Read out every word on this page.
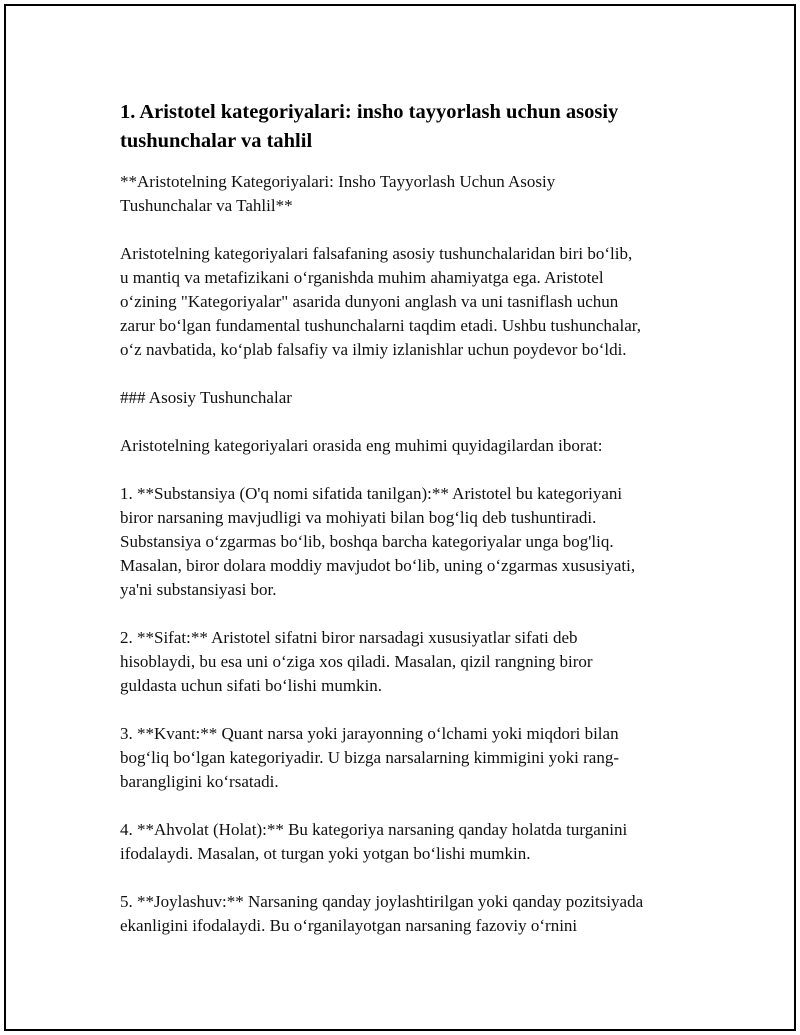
1. Aristotel kategoriyalari: insho tayyorlash uchun asosiy tushunchalar va tahlil

**Aristotelning Kategoriyalari: Insho Tayyorlash Uchun Asosiy
Tushunchalar va Tahlil**

Aristotelning kategoriyalari falsafaning asosiy tushunchalaridan biri bo‘lib,
u mantiq va metafizikani o‘rganishda muhim ahamiyatga ega. Aristotel
o‘zining "Kategoriyalar" asarida dunyoni anglash va uni tasniflash uchun
zarur bo‘lgan fundamental tushunchalarni taqdim etadi. Ushbu tushunchalar,
o‘z navbatida, ko‘plab falsafiy va ilmiy izlanishlar uchun poydevor bo‘ldi.

### Asosiy Tushunchalar

Aristotelning kategoriyalari orasida eng muhimi quyidagilardan iborat:

1. **Substansiya (O'q nomi sifatida tanilgan):** Aristotel bu kategoriyani
biror narsaning mavjudligi va mohiyati bilan bog‘liq deb tushuntiradi.
Substansiya o‘zgarmas bo‘lib, boshqa barcha kategoriyalar unga bog'liq.
Masalan, biror dolara moddiy mavjudot bo‘lib, uning o‘zgarmas xususiyati,
ya'ni substansiyasi bor.

2. **Sifat:** Aristotel sifatni biror narsadagi xususiyatlar sifati deb
hisoblaydi, bu esa uni o‘ziga xos qiladi. Masalan, qizil rangning biror
guldasta uchun sifati bo‘lishi mumkin.

3. **Kvant:** Quant narsa yoki jarayonning o‘lchami yoki miqdori bilan
bog‘liq bo‘lgan kategoriyadir. U bizga narsalarning kimmigini yoki rang-
barangligini ko‘rsatadi.

4. **Ahvolat (Holat):** Bu kategoriya narsaning qanday holatda turganini
ifodalaydi. Masalan, ot turgan yoki yotgan bo‘lishi mumkin.

5. **Joylashuv:** Narsaning qanday joylashtirilgan yoki qanday pozitsiyada
ekanligini ifodalaydi. Bu o‘rganilayotgan narsaning fazoviy o‘rnini
